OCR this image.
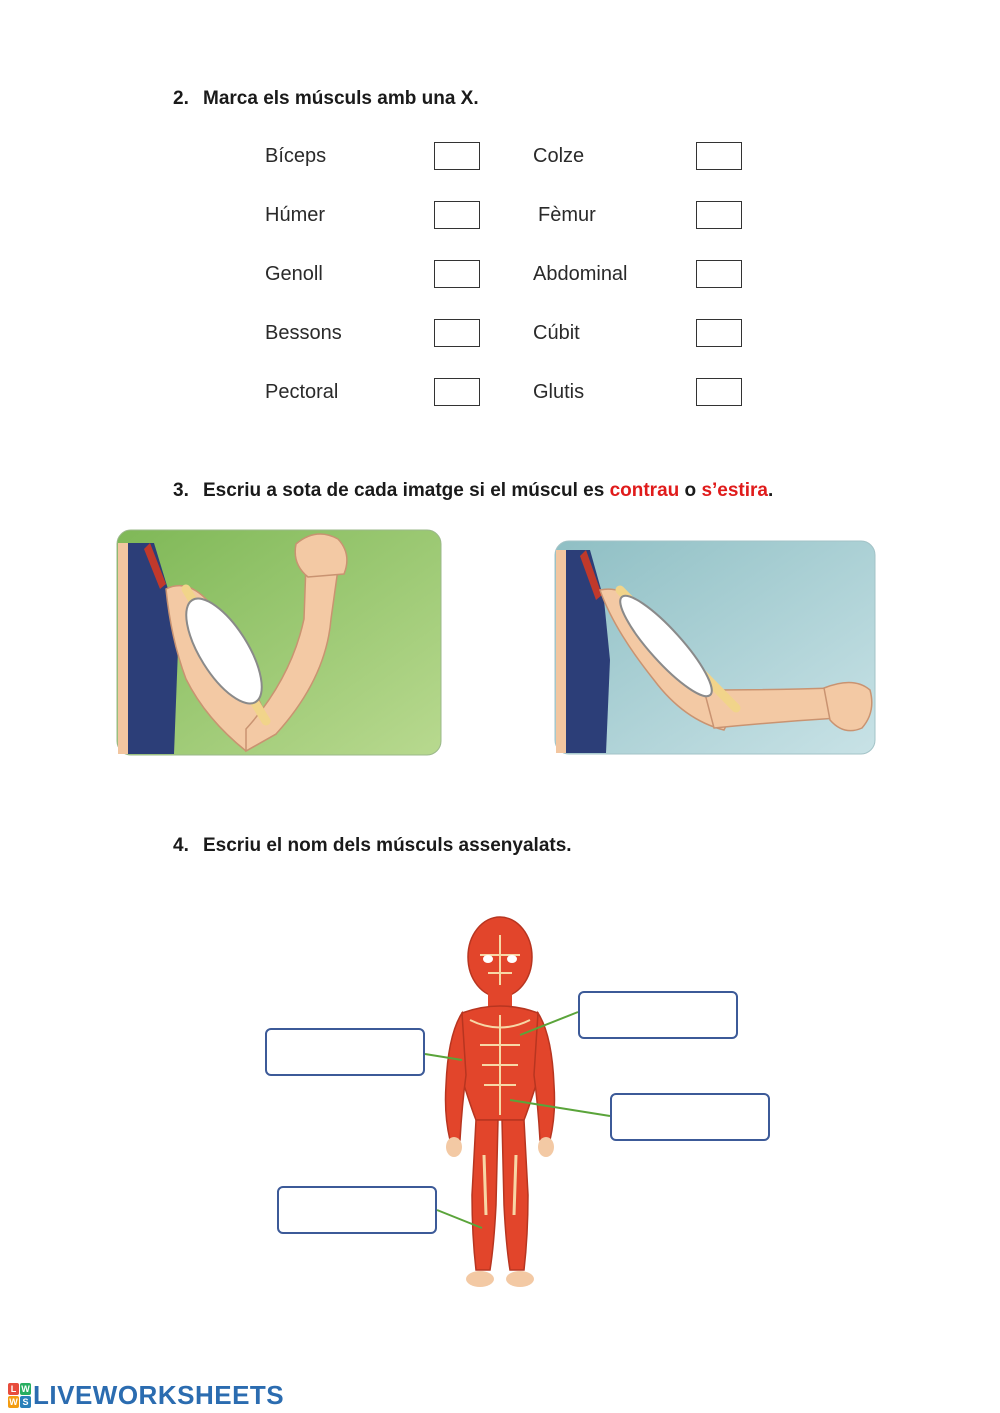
2. Marca els músculs amb una X.
Bíceps	Colze
Húmer	Fèmur
Genoll	Abdominal
Bessons	Cúbit
Pectoral	Glutis
3. Escriu a sota de cada imatge si el múscul es contrau o s’estira.
4. Escriu el nom dels músculs assenyalats.
L W
W S LIVEWORKSHEETS
